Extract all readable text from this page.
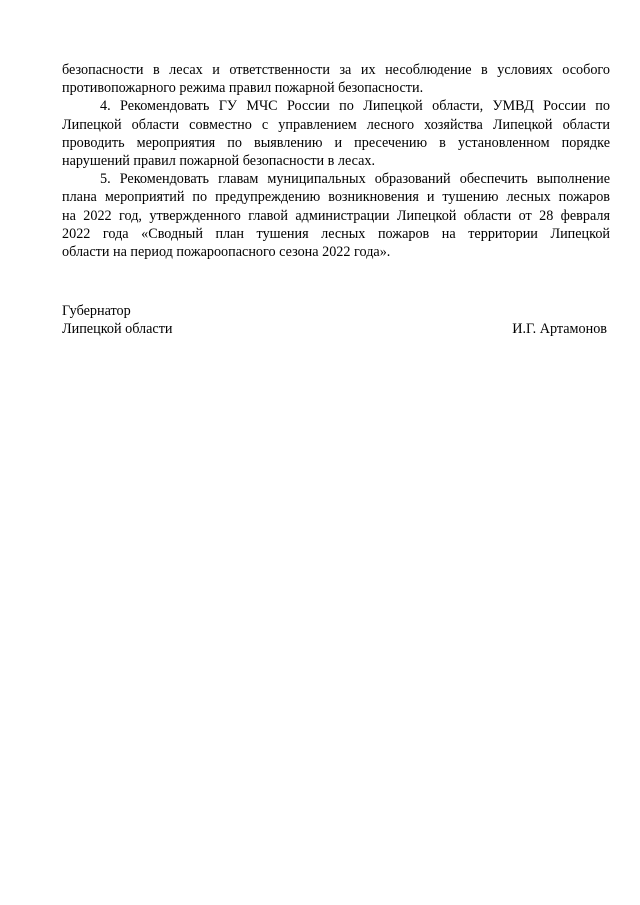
безопасности в лесах и ответственности за их несоблюдение в условиях особого
противопожарного режима правил пожарной безопасности.
4. Рекомендовать ГУ МЧС России по Липецкой области, УМВД России по
Липецкой области совместно с управлением лесного хозяйства Липецкой области
проводить мероприятия по выявлению и пресечению в установленном порядке
нарушений правил пожарной безопасности в лесах.
5. Рекомендовать главам муниципальных образований обеспечить выполнение
плана мероприятий по предупреждению возникновения и тушению лесных пожаров
на 2022 год, утвержденного главой администрации Липецкой области от 28 февраля
2022 года «Сводный план тушения лесных пожаров на территории Липецкой
области на период пожароопасного сезона 2022 года».
Губернатор
Липецкой области	И.Г. Артамонов
